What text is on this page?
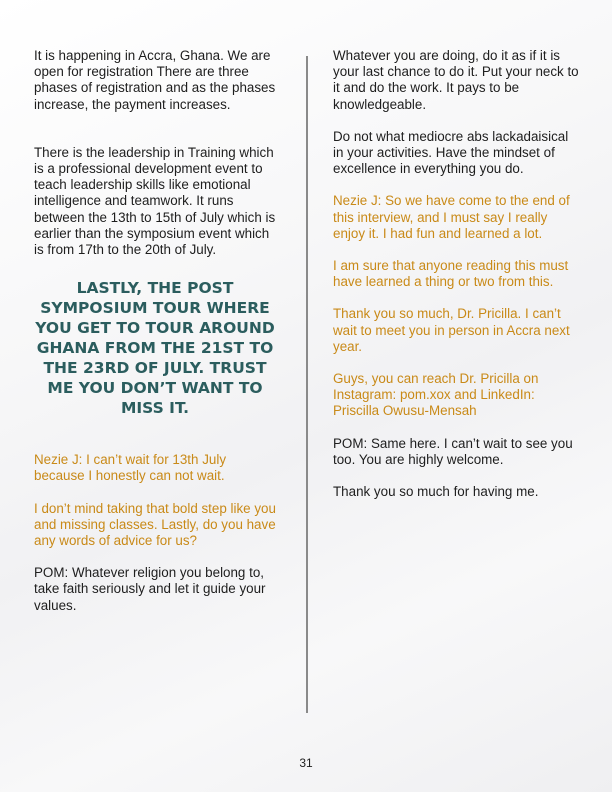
It is happening in Accra, Ghana. We are open for registration There are three phases of registration and as the phases increase, the payment increases.

There is the leadership in Training which is a professional development event to teach leadership skills like emotional intelligence and teamwork. It runs between the 13th to 15th of July which is earlier than the symposium event which is from 17th to the 20th of July.

LASTLY, THE POST SYMPOSIUM TOUR WHERE YOU GET TO TOUR AROUND GHANA FROM THE 21ST TO THE 23RD OF JULY. TRUST ME YOU DON’T WANT TO MISS IT.

Nezie J: I can’t wait for 13th July because I honestly can not wait.

I don’t mind taking that bold step like you and missing classes. Lastly, do you have any words of advice for us?

POM: Whatever religion you belong to, take faith seriously and let it guide your values.

Whatever you are doing, do it as if it is your last chance to do it. Put your neck to it and do the work. It pays to be knowledgeable.

Do not what mediocre abs lackadaisical in your activities. Have the mindset of excellence in everything you do.

Nezie J: So we have come to the end of this interview, and I must say I really enjoy it. I had fun and learned a lot.

I am sure that anyone reading this must have learned a thing or two from this.

Thank you so much, Dr. Pricilla. I can’t wait to meet you in person in Accra next year.

Guys, you can reach Dr. Pricilla on Instagram: pom.xox and LinkedIn: Priscilla Owusu-Mensah

POM: Same here. I can’t wait to see you too. You are highly welcome.

Thank you so much for having me.

31
